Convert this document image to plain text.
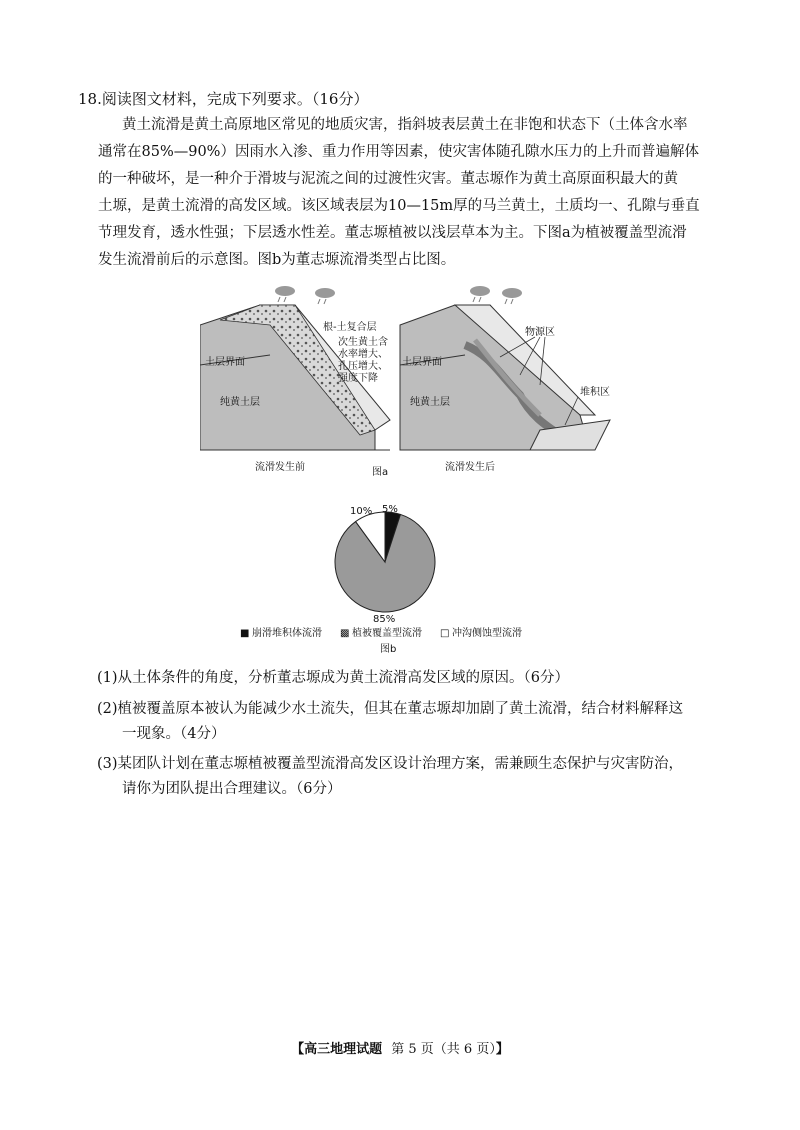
18.阅读图文材料，完成下列要求。（16分）
黄土流滑是黄土高原地区常见的地质灾害，指斜坡表层黄土在非饱和状态下（土体含水率
通常在85%—90%）因雨水入渗、重力作用等因素，使灾害体随孔隙水压力的上升而普遍解体
的一种破坏，是一种介于滑坡与泥流之间的过渡性灾害。董志塬作为黄土高原面积最大的黄
土塬，是黄土流滑的高发区域。该区域表层为10—15m厚的马兰黄土，土质均一、孔隙与垂直
节理发育，透水性强；下层透水性差。董志塬植被以浅层草本为主。下图a为植被覆盖型流滑
发生流滑前后的示意图。图b为董志塬流滑类型占比图。
根-土复合层
次生黄土含
水率增大、
孔压增大、
强度下降
土层界面
纯黄土层
流滑发生前
物源区
土层界面
纯黄土层
堆积区
流滑发生后
图a
5%
10%
85%
■ 崩滑堆积体流滑 ▩ 植被覆盖型流滑 □ 冲沟侧蚀型流滑
图b
(1)从土体条件的角度，分析董志塬成为黄土流滑高发区域的原因。（6分）
(2)植被覆盖原本被认为能减少水土流失，但其在董志塬却加剧了黄土流滑，结合材料解释这
一现象。（4分）
(3)某团队计划在董志塬植被覆盖型流滑高发区设计治理方案，需兼顾生态保护与灾害防治，
请你为团队提出合理建议。（6分）
【高三地理试题 第 5 页（共 6 页）】
